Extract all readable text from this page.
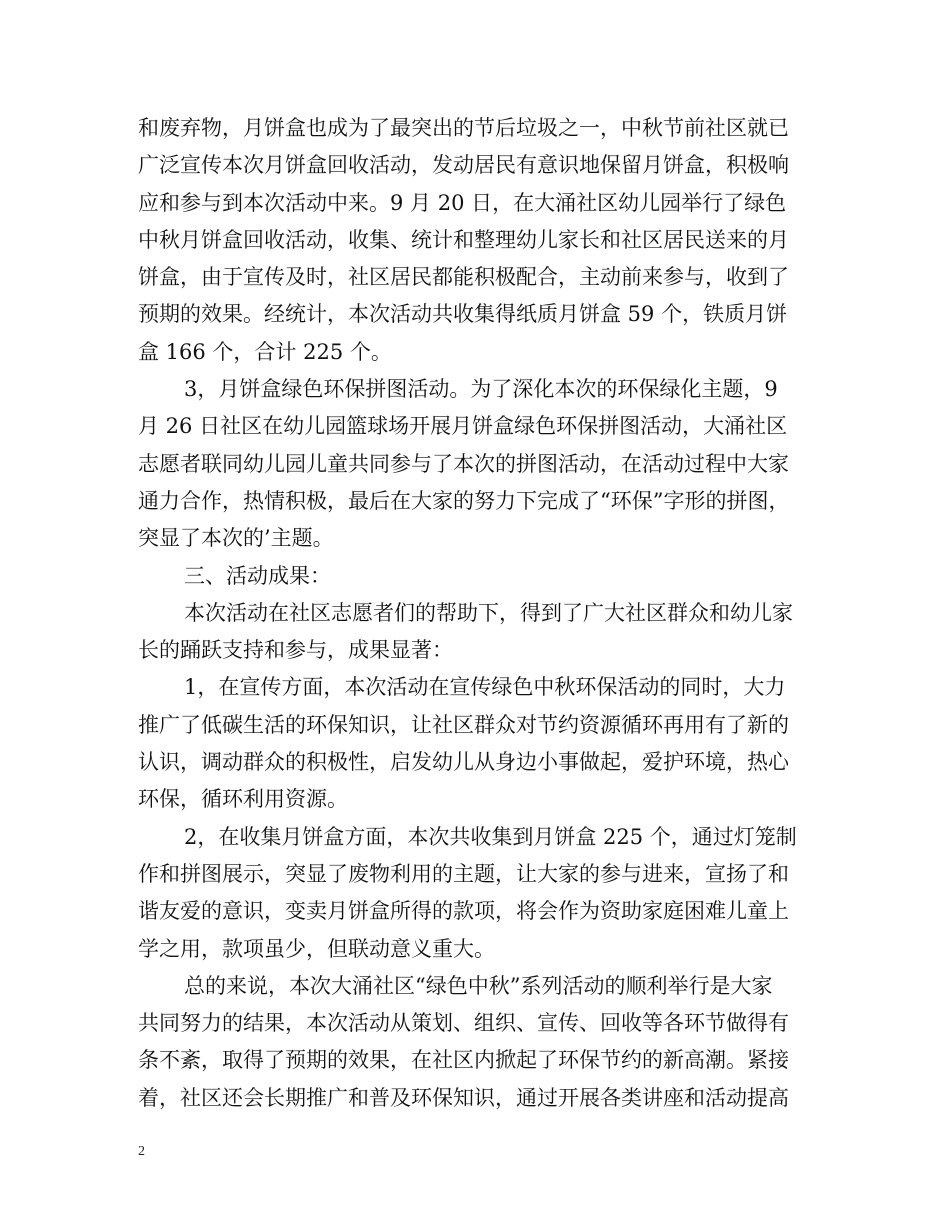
和废弃物，月饼盒也成为了最突出的节后垃圾之一，中秋节前社区就已
广泛宣传本次月饼盒回收活动，发动居民有意识地保留月饼盒，积极响
应和参与到本次活动中来。9 月 20 日，在大涌社区幼儿园举行了绿色
中秋月饼盒回收活动，收集、统计和整理幼儿家长和社区居民送来的月
饼盒，由于宣传及时，社区居民都能积极配合，主动前来参与，收到了
预期的效果。经统计，本次活动共收集得纸质月饼盒 59 个，铁质月饼
盒 166 个，合计 225 个。
3，月饼盒绿色环保拼图活动。为了深化本次的环保绿化主题，9
月 26 日社区在幼儿园篮球场开展月饼盒绿色环保拼图活动，大涌社区
志愿者联同幼儿园儿童共同参与了本次的拼图活动，在活动过程中大家
通力合作，热情积极，最后在大家的努力下完成了“环保”字形的拼图，
突显了本次的’主题。
三、活动成果：
本次活动在社区志愿者们的帮助下，得到了广大社区群众和幼儿家
长的踊跃支持和参与，成果显著：
1，在宣传方面，本次活动在宣传绿色中秋环保活动的同时，大力
推广了低碳生活的环保知识，让社区群众对节约资源循环再用有了新的
认识，调动群众的积极性，启发幼儿从身边小事做起，爱护环境，热心
环保，循环利用资源。
2，在收集月饼盒方面，本次共收集到月饼盒 225 个，通过灯笼制
作和拼图展示，突显了废物利用的主题，让大家的参与进来，宣扬了和
谐友爱的意识，变卖月饼盒所得的款项，将会作为资助家庭困难儿童上
学之用，款项虽少，但联动意义重大。
总的来说，本次大涌社区“绿色中秋”系列活动的顺利举行是大家
共同努力的结果，本次活动从策划、组织、宣传、回收等各环节做得有
条不紊，取得了预期的效果，在社区内掀起了环保节约的新高潮。紧接
着，社区还会长期推广和普及环保知识，通过开展各类讲座和活动提高
2
